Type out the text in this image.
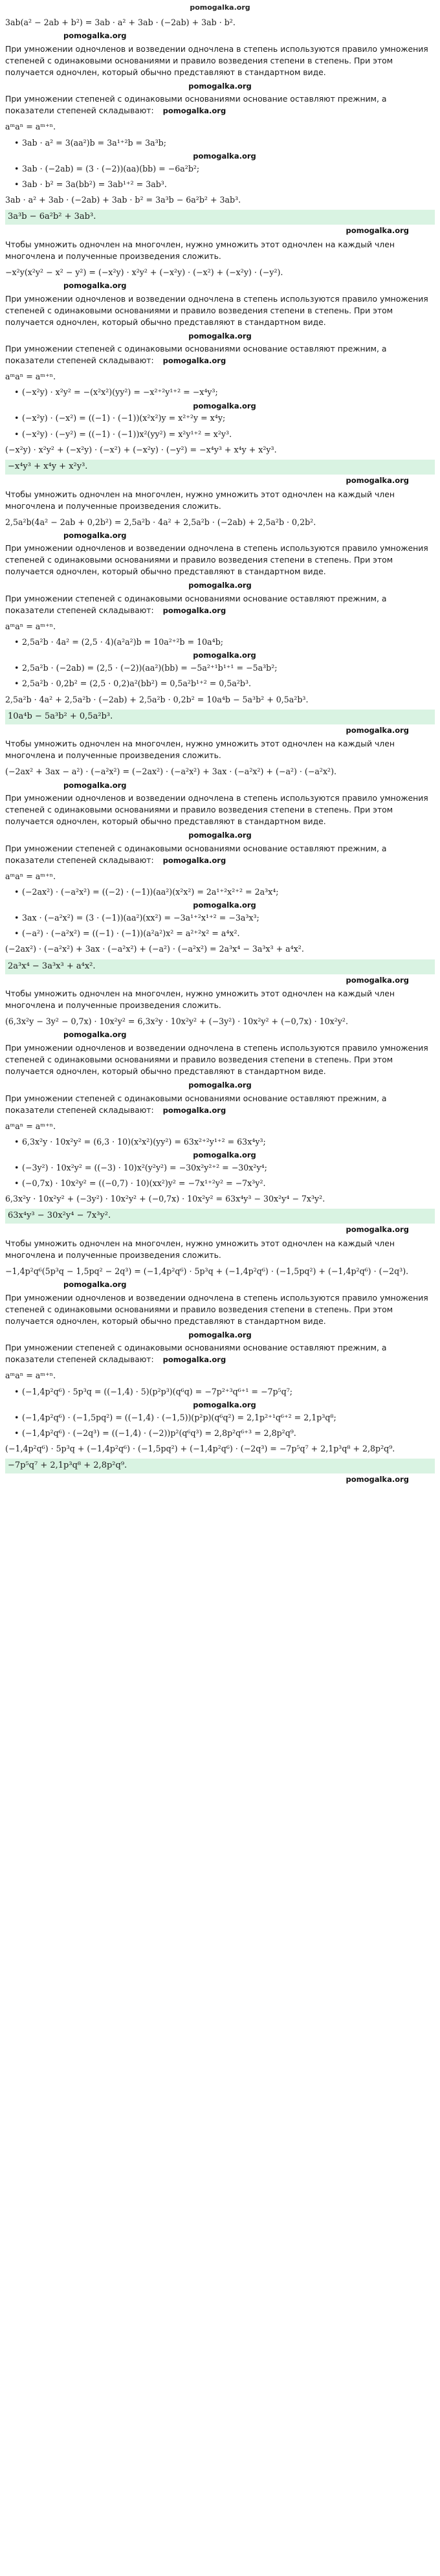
pomogalka.org
3ab(a² − 2ab + b²) = 3ab · a² + 3ab · (−2ab) + 3ab · b².
pomogalka.org
При умножении одночленов и возведении одночлена в степень используются правило умножения степеней с одинаковыми основаниями и правило возведения степени в степень. При этом получается одночлен, который обычно представляют в стандартном виде.
pomogalka.org
При умножении степеней с одинаковыми основаниями основание оставляют прежним, а показатели степеней складывают: pomogalka.org
aᵐaⁿ = aᵐ⁺ⁿ.
• 3ab · a² = 3(aa²)b = 3a¹⁺²b = 3a³b;
pomogalka.org
• 3ab · (−2ab) = (3 · (−2))(aa)(bb) = −6a²b²;
• 3ab · b² = 3a(bb²) = 3ab¹⁺² = 3ab³.
3ab · a² + 3ab · (−2ab) + 3ab · b² = 3a³b − 6a²b² + 3ab³.
3a³b − 6a²b² + 3ab³.
pomogalka.org
Чтобы умножить одночлен на многочлен, нужно умножить этот одночлен на каждый член многочлена и полученные произведения сложить.
−x²y(x²y² − x² − y²) = (−x²y) · x²y² + (−x²y) · (−x²) + (−x²y) · (−y²).
pomogalka.org
При умножении одночленов и возведении одночлена в степень используются правило умножения степеней с одинаковыми основаниями и правило возведения степени в степень. При этом получается одночлен, который обычно представляют в стандартном виде.
pomogalka.org
При умножении степеней с одинаковыми основаниями основание оставляют прежним, а показатели степеней складывают: pomogalka.org
aᵐaⁿ = aᵐ⁺ⁿ.
• (−x²y) · x²y² = −(x²x²)(yy²) = −x²⁺²y¹⁺² = −x⁴y³;
pomogalka.org
• (−x²y) · (−x²) = ((−1) · (−1))(x²x²)y = x²⁺²y = x⁴y;
• (−x²y) · (−y²) = ((−1) · (−1))x²(yy²) = x²y¹⁺² = x²y³.
(−x²y) · x²y² + (−x²y) · (−x²) + (−x²y) · (−y²) = −x⁴y³ + x⁴y + x²y³.
−x⁴y³ + x⁴y + x²y³.
pomogalka.org
Чтобы умножить одночлен на многочлен, нужно умножить этот одночлен на каждый член многочлена и полученные произведения сложить.
2,5a²b(4a² − 2ab + 0,2b²) = 2,5a²b · 4a² + 2,5a²b · (−2ab) + 2,5a²b · 0,2b².
pomogalka.org
При умножении одночленов и возведении одночлена в степень используются правило умножения степеней с одинаковыми основаниями и правило возведения степени в степень. При этом получается одночлен, который обычно представляют в стандартном виде.
pomogalka.org
При умножении степеней с одинаковыми основаниями основание оставляют прежним, а показатели степеней складывают: pomogalka.org
aᵐaⁿ = aᵐ⁺ⁿ.
• 2,5a²b · 4a² = (2,5 · 4)(a²a²)b = 10a²⁺²b = 10a⁴b;
pomogalka.org
• 2,5a²b · (−2ab) = (2,5 · (−2))(aa²)(bb) = −5a²⁺¹b¹⁺¹ = −5a³b²;
• 2,5a²b · 0,2b² = (2,5 · 0,2)a²(bb²) = 0,5a²b¹⁺² = 0,5a²b³.
2,5a²b · 4a² + 2,5a²b · (−2ab) + 2,5a²b · 0,2b² = 10a⁴b − 5a³b² + 0,5a²b³.
10a⁴b − 5a³b² + 0,5a²b³.
pomogalka.org
Чтобы умножить одночлен на многочлен, нужно умножить этот одночлен на каждый член многочлена и полученные произведения сложить.
(−2ax² + 3ax − a²) · (−a²x²) = (−2ax²) · (−a²x²) + 3ax · (−a²x²) + (−a²) · (−a²x²).
pomogalka.org
При умножении одночленов и возведении одночлена в степень используются правило умножения степеней с одинаковыми основаниями и правило возведения степени в степень. При этом получается одночлен, который обычно представляют в стандартном виде.
pomogalka.org
При умножении степеней с одинаковыми основаниями основание оставляют прежним, а показатели степеней складывают: pomogalka.org
aᵐaⁿ = aᵐ⁺ⁿ.
• (−2ax²) · (−a²x²) = ((−2) · (−1))(aa²)(x²x²) = 2a¹⁺²x²⁺² = 2a³x⁴;
pomogalka.org
• 3ax · (−a²x²) = (3 · (−1))(aa²)(xx²) = −3a¹⁺²x¹⁺² = −3a³x³;
• (−a²) · (−a²x²) = ((−1) · (−1))(a²a²)x² = a²⁺²x² = a⁴x².
(−2ax²) · (−a²x²) + 3ax · (−a²x²) + (−a²) · (−a²x²) = 2a³x⁴ − 3a³x³ + a⁴x².
2a³x⁴ − 3a³x³ + a⁴x².
pomogalka.org
Чтобы умножить одночлен на многочлен, нужно умножить этот одночлен на каждый член многочлена и полученные произведения сложить.
(6,3x²y − 3y² − 0,7x) · 10x²y² = 6,3x²y · 10x²y² + (−3y²) · 10x²y² + (−0,7x) · 10x²y².
pomogalka.org
При умножении одночленов и возведении одночлена в степень используются правило умножения степеней с одинаковыми основаниями и правило возведения степени в степень. При этом получается одночлен, который обычно представляют в стандартном виде.
pomogalka.org
При умножении степеней с одинаковыми основаниями основание оставляют прежним, а показатели степеней складывают: pomogalka.org
aᵐaⁿ = aᵐ⁺ⁿ.
• 6,3x²y · 10x²y² = (6,3 · 10)(x²x²)(yy²) = 63x²⁺²y¹⁺² = 63x⁴y³;
pomogalka.org
• (−3y²) · 10x²y² = ((−3) · 10)x²(y²y²) = −30x²y²⁺² = −30x²y⁴;
• (−0,7x) · 10x²y² = ((−0,7) · 10)(xx²)y² = −7x¹⁺²y² = −7x³y².
6,3x²y · 10x²y² + (−3y²) · 10x²y² + (−0,7x) · 10x²y² = 63x⁴y³ − 30x²y⁴ − 7x³y².
63x⁴y³ − 30x²y⁴ − 7x³y².
pomogalka.org
Чтобы умножить одночлен на многочлен, нужно умножить этот одночлен на каждый член многочлена и полученные произведения сложить.
−1,4p²q⁶(5p³q − 1,5pq² − 2q³) = (−1,4p²q⁶) · 5p³q + (−1,4p²q⁶) · (−1,5pq²) + (−1,4p²q⁶) · (−2q³).
pomogalka.org
При умножении одночленов и возведении одночлена в степень используются правило умножения степеней с одинаковыми основаниями и правило возведения степени в степень. При этом получается одночлен, который обычно представляют в стандартном виде.
pomogalka.org
При умножении степеней с одинаковыми основаниями основание оставляют прежним, а показатели степеней складывают: pomogalka.org
aᵐaⁿ = aᵐ⁺ⁿ.
• (−1,4p²q⁶) · 5p³q = ((−1,4) · 5)(p²p³)(q⁶q) = −7p²⁺³q⁶⁺¹ = −7p⁵q⁷;
pomogalka.org
• (−1,4p²q⁶) · (−1,5pq²) = ((−1,4) · (−1,5))(p²p)(q⁶q²) = 2,1p²⁺¹q⁶⁺² = 2,1p³q⁸;
• (−1,4p²q⁶) · (−2q³) = ((−1,4) · (−2))p²(q⁶q³) = 2,8p²q⁶⁺³ = 2,8p²q⁹.
(−1,4p²q⁶) · 5p³q + (−1,4p²q⁶) · (−1,5pq²) + (−1,4p²q⁶) · (−2q³) = −7p⁵q⁷ + 2,1p³q⁸ + 2,8p²q⁹.
−7p⁵q⁷ + 2,1p³q⁸ + 2,8p²q⁹.
pomogalka.org
